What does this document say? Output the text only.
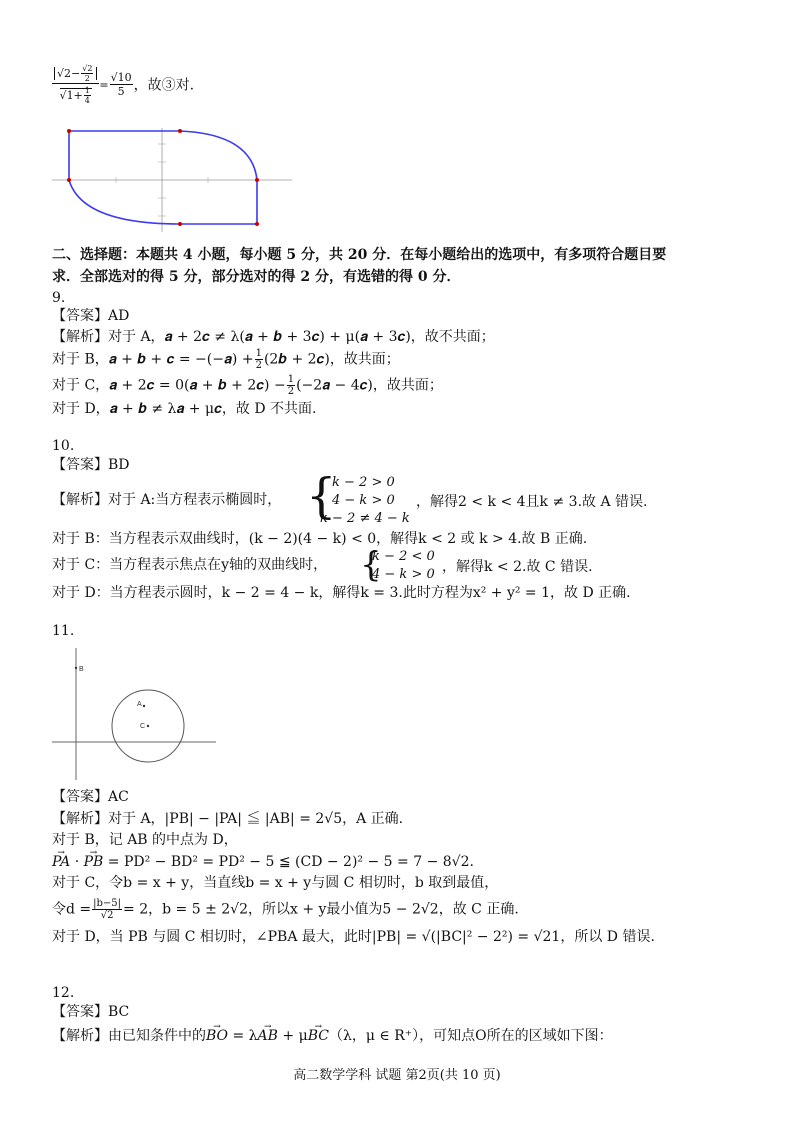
$\frac{√2- \frac{√2}{2}}{√1+ \frac{1}{4}} = \frac{√10}{5}$ ，故③对.
二、选择题：本题共 4 小题，每小题 5 分，共 20 分．在每小题给出的选项中，有多项符合题目要
求．全部选对的得 5 分，部分选对的得 2 分，有选错的得 0 分．
9.
【答案】AD
【解析】对于 A，𝒂 + 2𝒄 ≠ λ(𝒂 + 𝒃 + 3𝒄) + μ(𝒂 + 3𝒄)，故不共面；
对于 B，𝒂 + 𝒃 + 𝒄 = −(−𝒂) + $\frac{1}{2}$ (2𝒃 + 2𝒄)，故共面；
对于 C，𝒂 + 2𝒄 = 0(𝒂 + 𝒃 + 2𝒄) − $\frac{1}{2}$ (−2𝒂 − 4𝒄)，故共面；
对于 D，𝒂 + 𝒃 ≠ λ𝒂 + μ𝒄，故 D 不共面.
10.
【答案】BD
【解析】对于 A:当方程表示椭圆时， {
k − 2 > 0
4 − k > 0
k − 2 ≠ 4 − k
，解得2 < k < 4且k ≠ 3.故 A 错误.
对于 B：当方程表示双曲线时，(k − 2)(4 − k) < 0，解得k < 2 或 k > 4.故 B 正确.
对于 C：当方程表示焦点在y轴的双曲线时， {
k − 2 < 0
4 − k > 0 ，解得k < 2.故 C 错误.
对于 D：当方程表示圆时，k − 2 = 4 − k，解得k = 3.此时方程为x² + y² = 1，故 D 正确.
11.
B
A
C
【答案】AC
【解析】对于 A，|PB| − |PA| ≦ |AB| = 2√5，A 正确.
对于 B，记 AB 的中点为 D，
→ PA · → PB = PD² − BD² = PD² − 5 ≦ (CD − 2)² − 5 = 7 − 8√2.
对于 C，令b = x + y，当直线b = x + y与圆 C 相切时，b 取到最值，
令$d = \frac{|b-5|}{√2} = 2$，b = 5 ± 2√2，所以x + y最小值为5 − 2√2，故 C 正确.
对于 D，当 PB 与圆 C 相切时，∠PBA 最大，此时|PB| = √(|BC|² − 2²) = √21，所以 D 错误.
12.
【答案】BC
【解析】由已知条件中的→ BO = λ→ AB + μ→ BC（λ，μ ∈ R⁺），可知点O所在的区域如下图：
高二数学学科 试题 第2页(共 10 页)
